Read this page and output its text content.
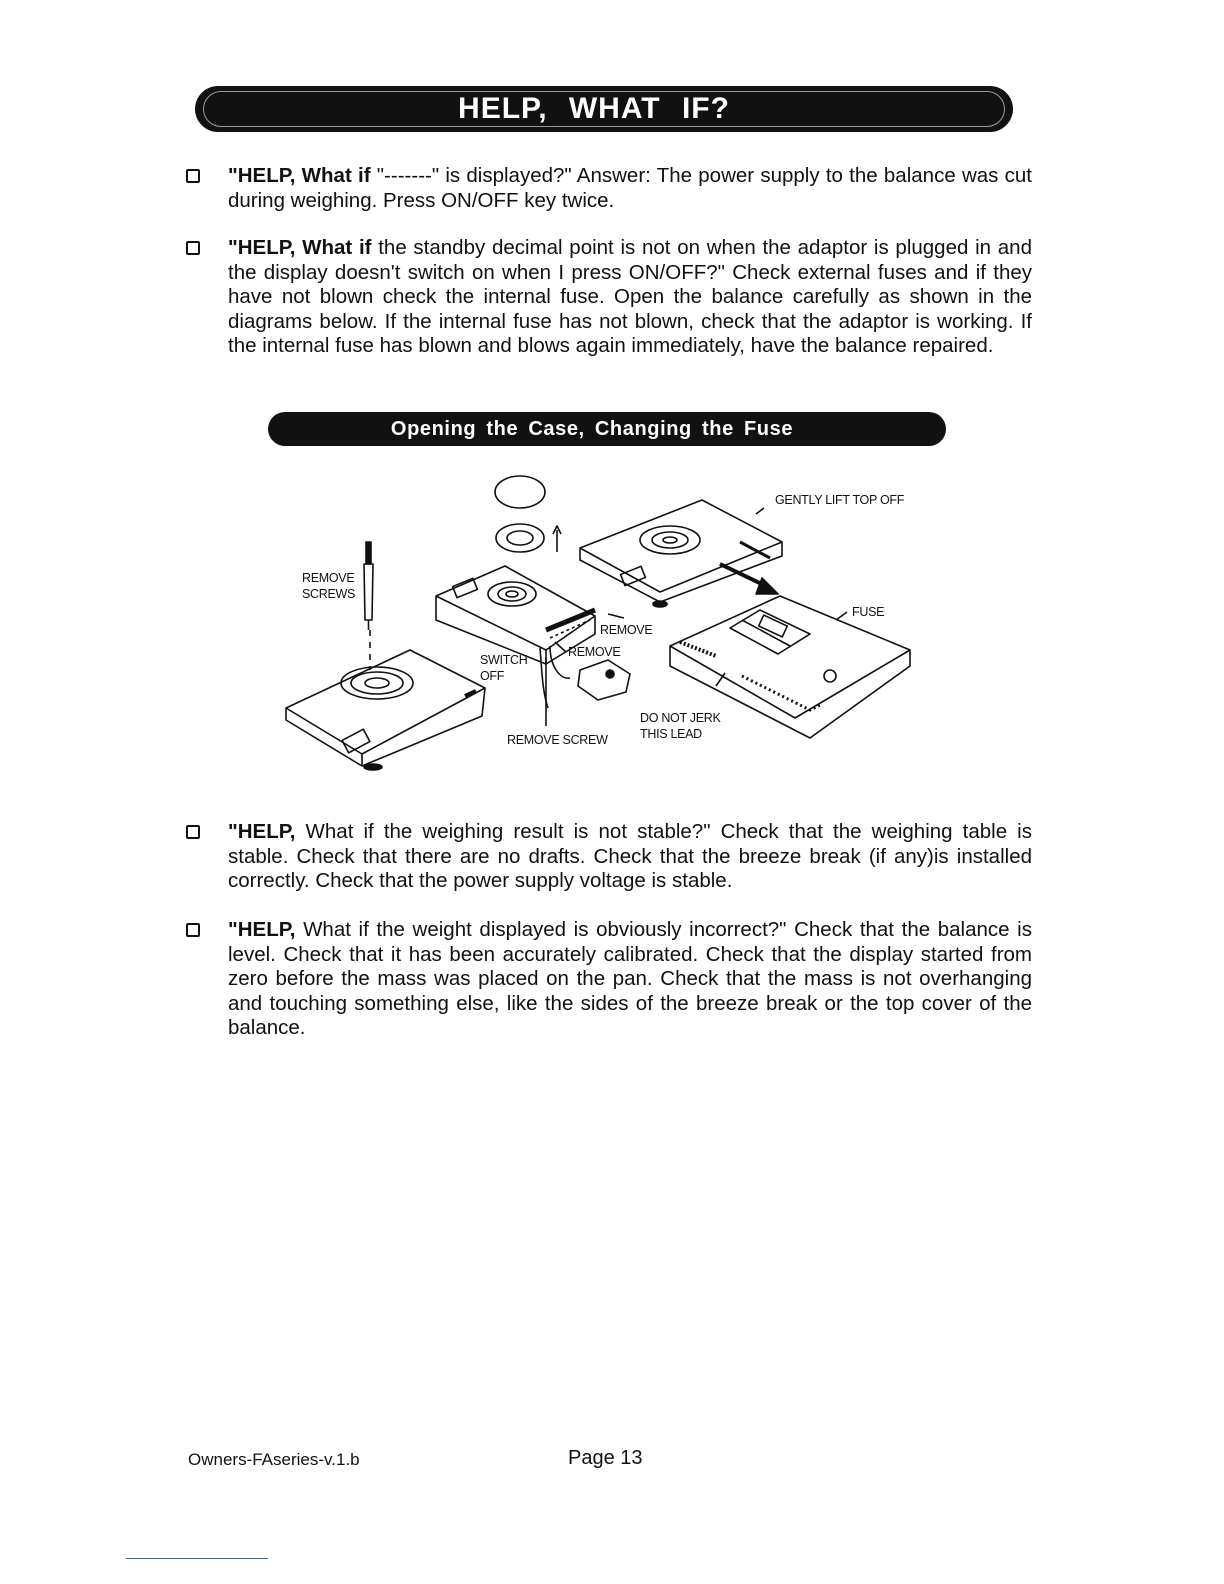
HELP, WHAT IF?
"HELP, What if "-------" is displayed?" Answer: The power supply to the balance was cut during weighing. Press ON/OFF key twice.
"HELP, What if the standby decimal point is not on when the adaptor is plugged in and the display doesn't switch on when I press ON/OFF?" Check external fuses and if they have not blown check the internal fuse. Open the balance carefully as shown in the diagrams below. If the internal fuse has not blown, check that the adaptor is working. If the internal fuse has blown and blows again immediately, have the balance repaired.
Opening the Case, Changing the Fuse
REMOVE
SCREWS
SWITCH
OFF
REMOVE
REMOVE
REMOVE SCREW
GENTLY LIFT TOP OFF
FUSE
DO NOT JERK
THIS LEAD
"HELP, What if the weighing result is not stable?" Check that the weighing table is stable. Check that there are no drafts. Check that the breeze break (if any)is installed correctly. Check that the power supply voltage is stable.
"HELP, What if the weight displayed is obviously incorrect?" Check that the balance is level. Check that it has been accurately calibrated. Check that the display started from zero before the mass was placed on the pan. Check that the mass is not overhanging and touching something else, like the sides of the breeze break or the top cover of the balance.
Owners-FAseries-v.1.b	Page 13
